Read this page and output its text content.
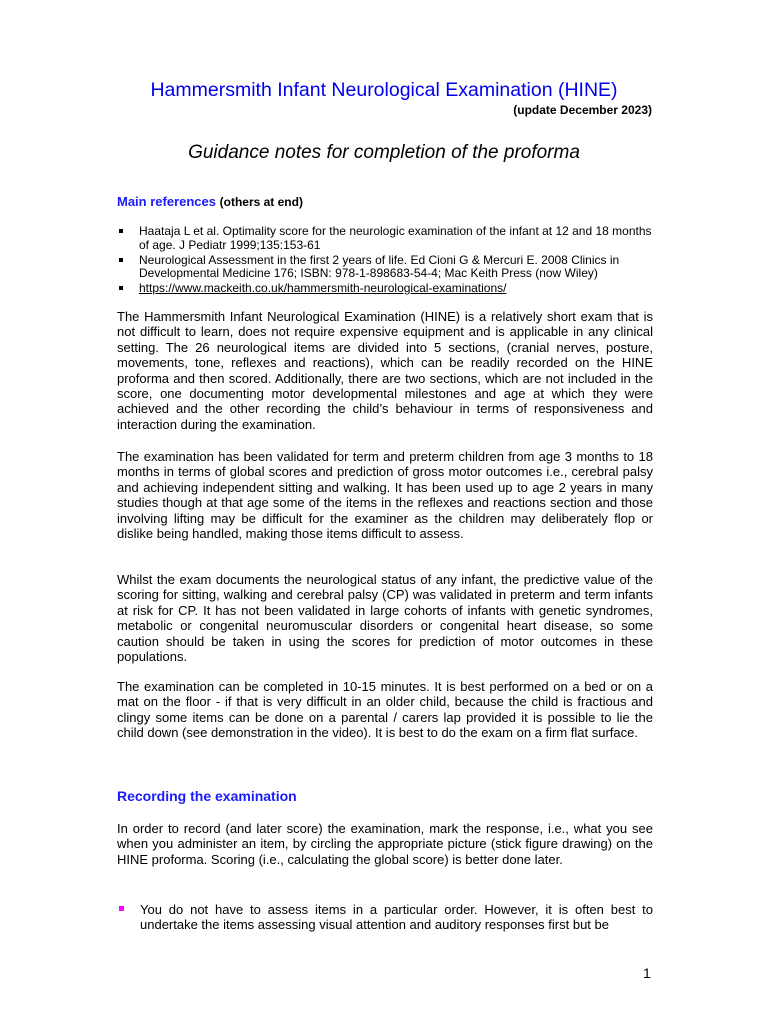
Hammersmith Infant Neurological Examination (HINE)
(update December 2023)
Guidance notes for completion of the proforma
Main references (others at end)
Haataja L et al. Optimality score for the neurologic examination of the infant at 12 and 18 months of age. J Pediatr 1999;135:153-61
Neurological Assessment in the first 2 years of life. Ed Cioni G & Mercuri E. 2008 Clinics in Developmental Medicine 176; ISBN: 978-1-898683-54-4; Mac Keith Press (now Wiley)
https://www.mackeith.co.uk/hammersmith-neurological-examinations/

The Hammersmith Infant Neurological Examination (HINE) is a relatively short exam that is not difficult to learn, does not require expensive equipment and is applicable in any clinical setting. The 26 neurological items are divided into 5 sections, (cranial nerves, posture, movements, tone, reflexes and reactions), which can be readily recorded on the HINE proforma and then scored. Additionally, there are two sections, which are not included in the score, one documenting motor developmental milestones and age at which they were achieved and the other recording the child’s behaviour in terms of responsiveness and interaction during the examination.

The examination has been validated for term and preterm children from age 3 months to 18 months in terms of global scores and prediction of gross motor outcomes i.e., cerebral palsy and achieving independent sitting and walking. It has been used up to age 2 years in many studies though at that age some of the items in the reflexes and reactions section and those involving lifting may be difficult for the examiner as the children may deliberately flop or dislike being handled, making those items difficult to assess.

Whilst the exam documents the neurological status of any infant, the predictive value of the scoring for sitting, walking and cerebral palsy (CP) was validated in preterm and term infants at risk for CP. It has not been validated in large cohorts of infants with genetic syndromes, metabolic or congenital neuromuscular disorders or congenital heart disease, so some caution should be taken in using the scores for prediction of motor outcomes in these populations.

The examination can be completed in 10-15 minutes. It is best performed on a bed or on a mat on the floor - if that is very difficult in an older child, because the child is fractious and clingy some items can be done on a parental / carers lap provided it is possible to lie the child down (see demonstration in the video). It is best to do the exam on a firm flat surface.

Recording the examination

In order to record (and later score) the examination, mark the response, i.e., what you see when you administer an item, by circling the appropriate picture (stick figure drawing) on the HINE proforma. Scoring (i.e., calculating the global score) is better done later.

You do not have to assess items in a particular order. However, it is often best to undertake the items assessing visual attention and auditory responses first but be
1
